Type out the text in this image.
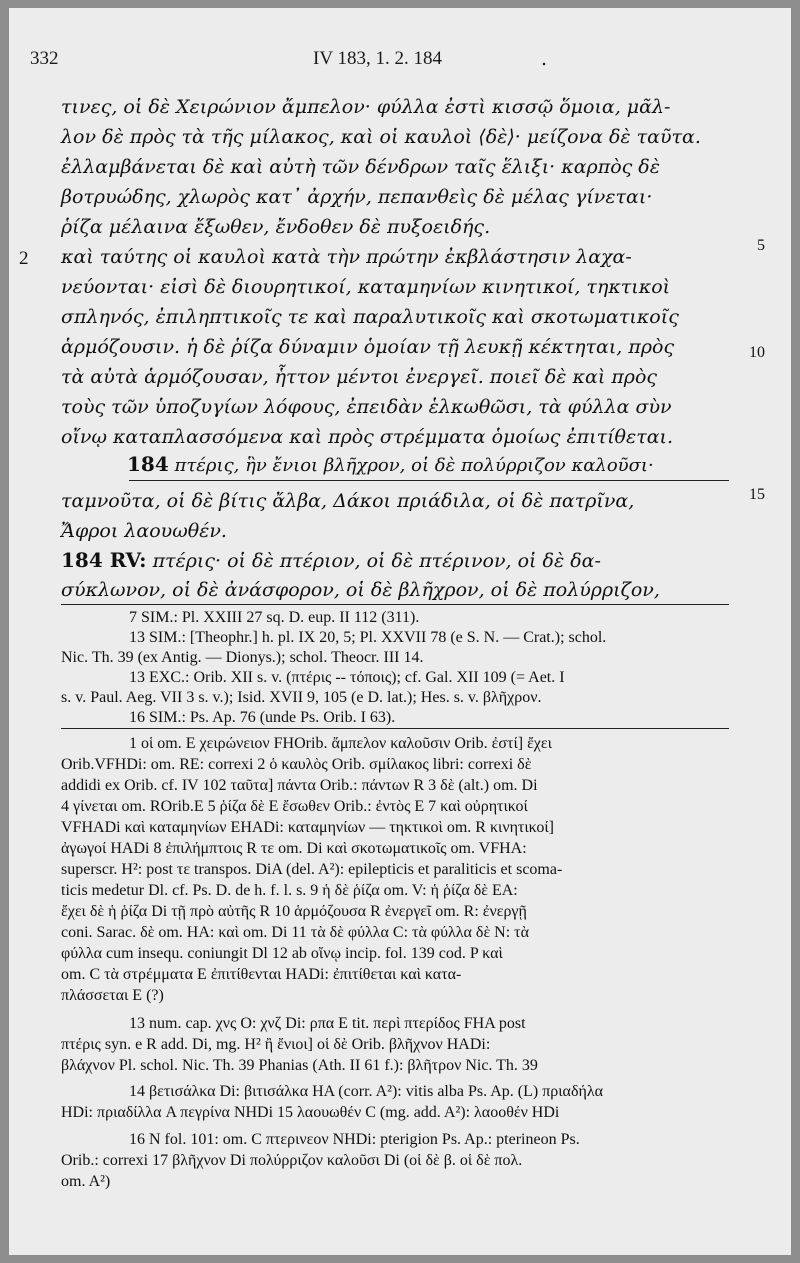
332	IV 183, 1. 2. 184	.
τινες, οἱ δὲ Χειρώνιον ἄμπελον· φύλλα ἐστὶ κισσῷ ὅμοια, μᾶλ-
λον δὲ πρὸς τὰ τῆς μίλακος, καὶ οἱ καυλοὶ ⟨δὲ⟩· μείζονα δὲ ταῦτα.
ἐλλαμβάνεται δὲ καὶ αὐτὴ τῶν δένδρων ταῖς ἕλιξι· καρπὸς δὲ
βοτρυώδης, χλωρὸς κατ᾽ ἀρχήν, πεπανθεὶς δὲ μέλας γίνεται·
ῥίζα μέλαινα ἔξωθεν, ἔνδοθεν δὲ πυξοειδής.
καὶ ταύτης οἱ καυλοὶ κατὰ τὴν πρώτην ἐκβλάστησιν λαχα-
νεύονται· εἰσὶ δὲ διουρητικοί, καταμηνίων κινητικοί, τηκτικοὶ
σπληνός, ἐπιληπτικοῖς τε καὶ παραλυτικοῖς καὶ σκοτωματικοῖς
ἁρμόζουσιν. ἡ δὲ ῥίζα δύναμιν ὁμοίαν τῇ λευκῇ κέκτηται, πρὸς
τὰ αὐτὰ ἁρμόζουσαν, ἧττον μέντοι ἐνεργεῖ. ποιεῖ δὲ καὶ πρὸς
τοὺς τῶν ὑποζυγίων λόφους, ἐπειδὰν ἑλκωθῶσι, τὰ φύλλα σὺν
οἴνῳ καταπλασσόμενα καὶ πρὸς στρέμματα ὁμοίως ἐπιτίθεται.
184 πτέρις, ἣν ἔνιοι βλῆχρον, οἱ δὲ πολύρριζον καλοῦσι·
ταμνοῦτα, οἱ δὲ βίτις ἄλβα, Δάκοι πριάδιλα, οἱ δὲ πατρῖνα,
Ἄφροι λαουωθέν.
184 RV: πτέρις· οἱ δὲ πτέριον, οἱ δὲ πτέρινον, οἱ δὲ δα-
σύκλωνον, οἱ δὲ ἀνάσφορον, οἱ δὲ βλῆχρον, οἱ δὲ πολύρριζον,
5
2
10
15
7 SIM.: Pl. XXIII 27 sq. D. eup. II 112 (311).
13 SIM.: [Theophr.] h. pl. IX 20, 5; Pl. XXVII 78 (e S. N. — Crat.); schol.
Nic. Th. 39 (ex Antig. — Dionys.); schol. Theocr. III 14.
13 EXC.: Orib. XII s. v. (πτέρις -- τόποις); cf. Gal. XII 109 (= Aet. I
s. v. Paul. Aeg. VII 3 s. v.); Isid. XVII 9, 105 (e D. lat.); Hes. s. v. βλῆχρον.
16 SIM.: Ps. Ap. 76 (unde Ps. Orib. I 63).
1 οἱ om. E χειρώνειον FHOrib. ἄμπελον καλοῦσιν Orib. ἐστί] ἔχει
Orib.VFHDi: om. RE: correxi 2 ὁ καυλὸς Orib. σμίλακος libri: correxi δὲ
addidi ex Orib. cf. IV 102 ταῦτα] πάντα Orib.: πάντων R 3 δὲ (alt.) om. Di
4 γίνεται om. ROrib.E 5 ῥίζα δὲ E ἔσωθεν Orib.: ἐντὸς E 7 καὶ οὐρητικοί
VFHADi καὶ καταμηνίων EHADi: καταμηνίων — τηκτικοὶ om. R κινητικοί]
ἀγωγοί HADi 8 ἐπιλήμπτοις R τε om. Di καὶ σκοτωματικοῖς om. VFHA:
superscr. H²: post τε transpos. DiA (del. A²): epilepticis et paraliticis et scoma-
ticis medetur Dl. cf. Ps. D. de h. f. l. s. 9 ἡ δὲ ῥίζα om. V: ἡ ῥίζα δὲ EA:
ἔχει δὲ ἡ ῥίζα Di τῇ πρὸ αὐτῆς R 10 ἁρμόζουσα R ἐνεργεῖ om. R: ἐνεργῇ
coni. Sarac. δὲ om. HA: καὶ om. Di 11 τὰ δὲ φύλλα C: τὰ φύλλα δὲ N: τὰ
φύλλα cum insequ. coniungit Dl 12 ab οἴνῳ incip. fol. 139 cod. P καὶ
om. C τὰ στρέμματα E ἐπιτίθενται HADi: ἐπιτίθεται καὶ κατα-
πλάσσεται E (?)
13 num. cap. χνς O: χνζ Di: ρπα E tit. περὶ πτερίδος FHA post
πτέρις syn. e R add. Di, mg. H² ἢ ἔνιοι] οἱ δὲ Orib. βλῆχνον HADi:
βλάχνον Pl. schol. Nic. Th. 39 Phanias (Ath. II 61 f.): βλῆτρον Nic. Th. 39
14 βετισάλκα Di: βιτισάλκα HA (corr. A²): vitis alba Ps. Ap. (L) πριαδήλα
HDi: πριαδίλλα A πεγρίνα NHDi 15 λαουωθέν C (mg. add. A²): λαοοθέν HDi
16 N fol. 101: om. C πτερινεον NHDi: pterigion Ps. Ap.: pterineon Ps.
Orib.: correxi 17 βλῆχνον Di πολύρριζον καλοῦσι Di (οἱ δὲ β. οἱ δὲ πολ.
om. A²)
